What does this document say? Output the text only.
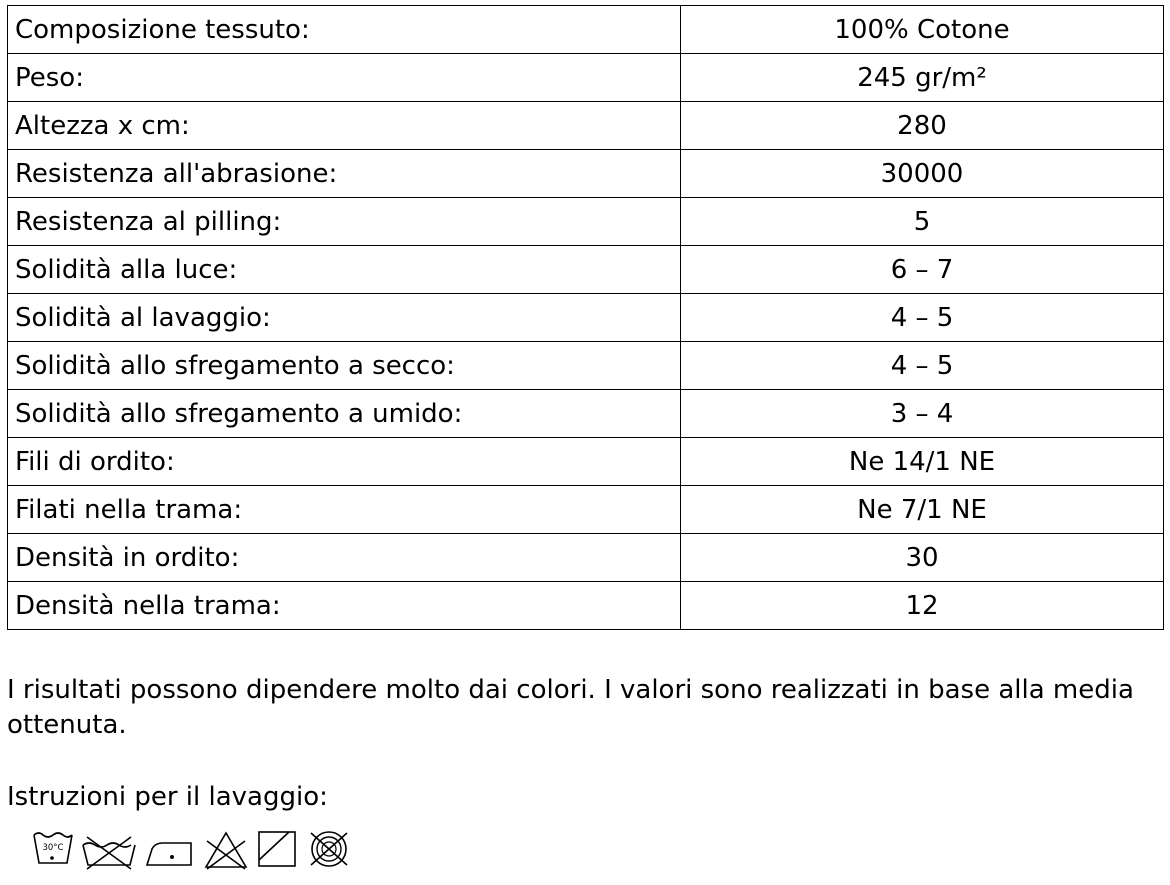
Composizione tessuto:	100% Cotone
Peso:	245 gr/m²
Altezza x cm:	280
Resistenza all'abrasione:	30000
Resistenza al pilling:	5
Solidità alla luce:	6 – 7
Solidità al lavaggio:	4 – 5
Solidità allo sfregamento a secco:	4 – 5
Solidità allo sfregamento a umido:	3 – 4
Fili di ordito:	Ne 14/1 NE
Filati nella trama:	Ne 7/1 NE
Densità in ordito:	30
Densità nella trama:	12

I risultati possono dipendere molto dai colori. I valori sono realizzati in base alla media ottenuta.

Istruzioni per il lavaggio:

30°C
